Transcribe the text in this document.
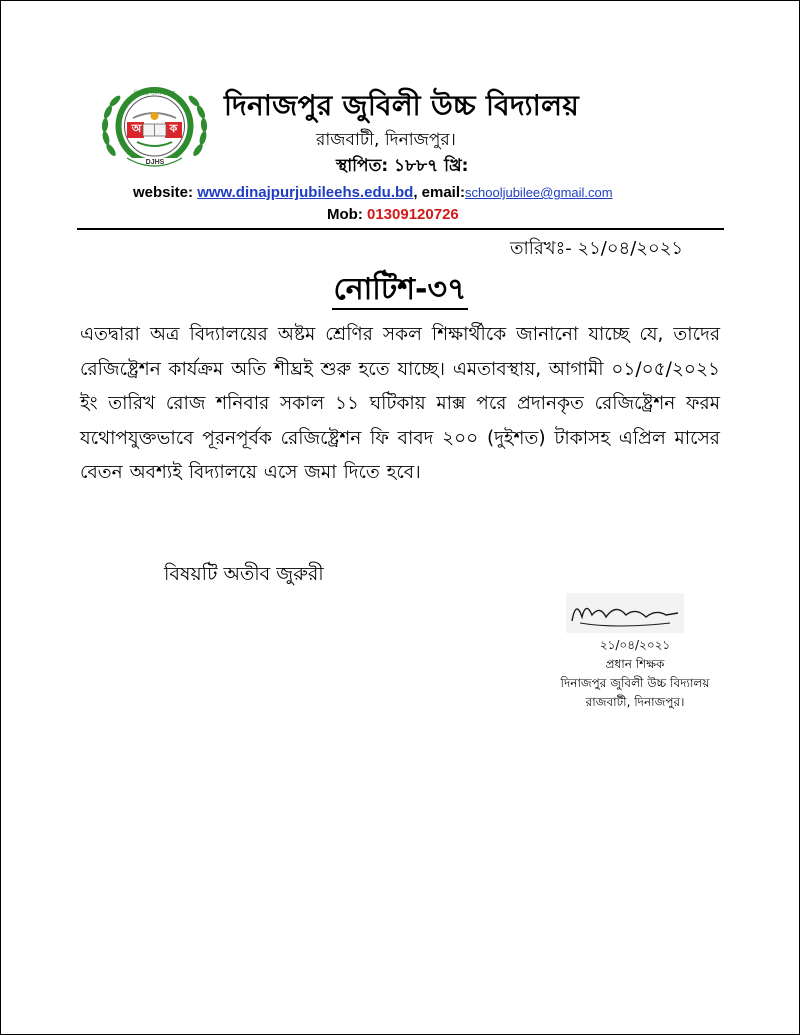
বিদ্যার জন্য শিক্ষা
অ	ক
DJHS
দিনাজপুর জুবিলী উচ্চ বিদ্যালয়
রাজবাটী, দিনাজপুর।
স্থাপিত: ১৮৮৭ খ্রি:
website: www.dinajpurjubileehs.edu.bd, email:schooljubilee@gmail.com
Mob: 01309120726
তারিখঃ- ২১/০৪/২০২১
নোটিশ-৩৭
এতদ্বারা অত্র বিদ্যালয়ের অষ্টম শ্রেণির সকল শিক্ষার্থীকে জানানো যাচ্ছে যে, তাদের রেজিষ্ট্রেশন কার্যক্রম অতি শীঘ্রই শুরু হতে যাচ্ছে। এমতাবস্থায়, আগামী ০১/০৫/২০২১ ইং তারিখ রোজ শনিবার সকাল ১১ ঘটিকায় মাক্স পরে প্রদানকৃত রেজিষ্ট্রেশন ফরম যথোপযুক্তভাবে পূরনপূর্বক রেজিষ্ট্রেশন ফি বাবদ ২০০ (দুইশত) টাকাসহ এপ্রিল মাসের বেতন অবশ্যই বিদ্যালয়ে এসে জমা দিতে হবে।
বিষয়টি অতীব জুরুরী
২১/০৪/২০২১
প্রধান শিক্ষক
দিনাজপুর জুবিলী উচ্চ বিদ্যালয়
রাজবাটী, দিনাজপুর।
